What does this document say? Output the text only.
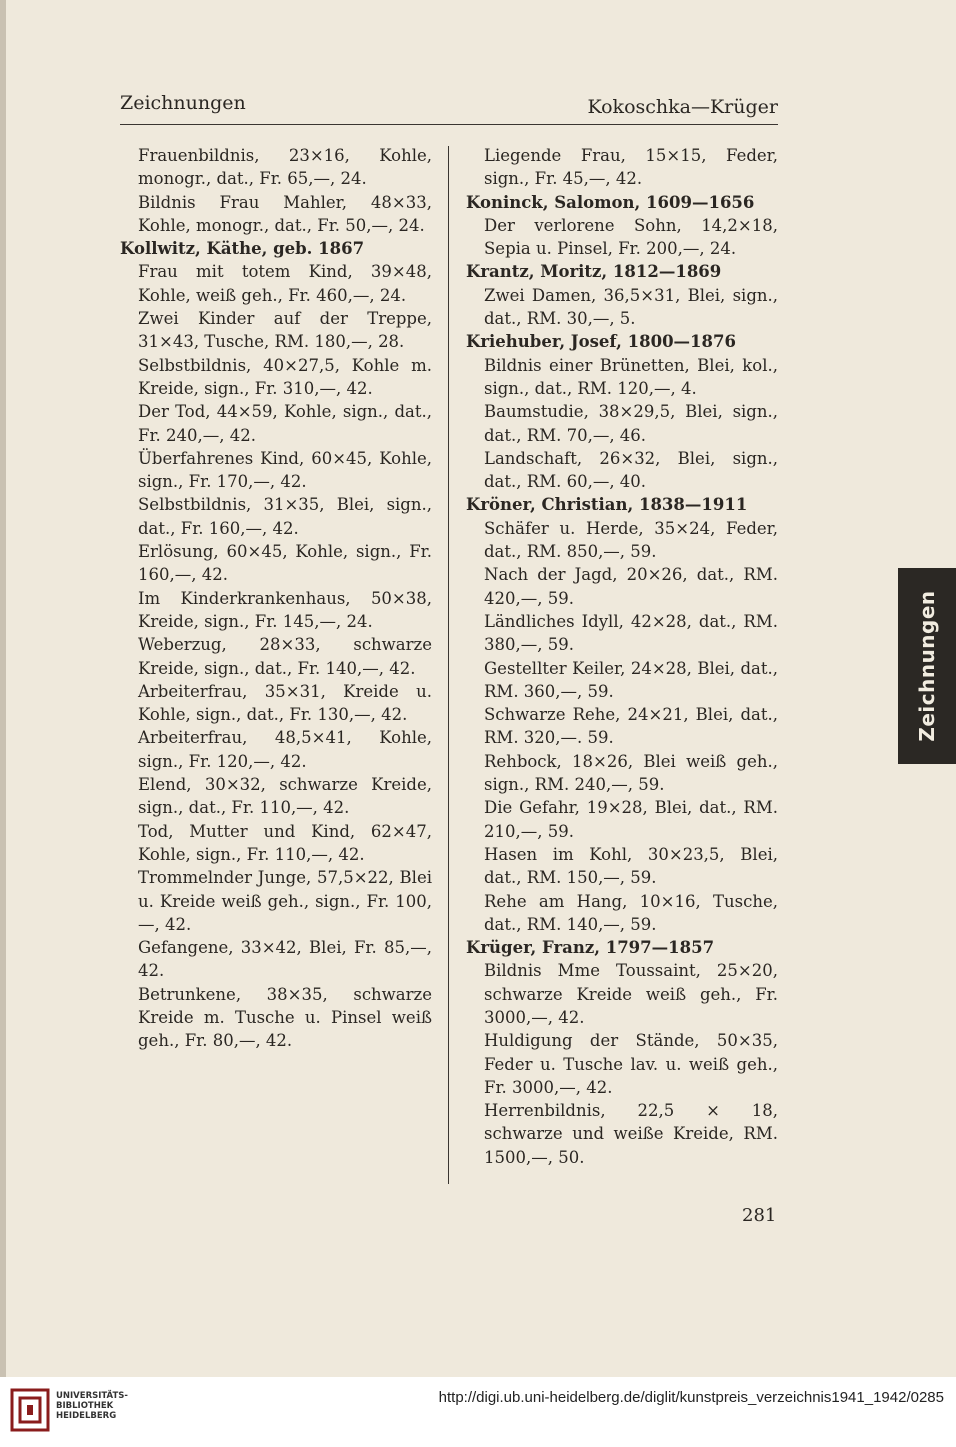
Zeichnungen	Kokoschka—Krüger

Frauenbildnis, 23×16, Kohle, monogr., dat., Fr. 65,—, 24.

Bildnis Frau Mahler, 48×33, Kohle, monogr., dat., Fr. 50,—, 24.

Kollwitz, Käthe, geb. 1867

Frau mit totem Kind, 39×48, Kohle, weiß geh., Fr. 460,—, 24.

Zwei Kinder auf der Treppe, 31×43, Tusche, RM. 180,—, 28.

Selbstbildnis, 40×27,5, Kohle m. Kreide, sign., Fr. 310,—, 42.

Der Tod, 44×59, Kohle, sign., dat., Fr. 240,—, 42.

Überfahrenes Kind, 60×45, Kohle, sign., Fr. 170,—, 42.

Selbstbildnis, 31×35, Blei, sign., dat., Fr. 160,—, 42.

Erlösung, 60×45, Kohle, sign., Fr. 160,—, 42.

Im Kinderkrankenhaus, 50×38, Kreide, sign., Fr. 145,—, 24.

Weberzug, 28×33, schwarze Kreide, sign., dat., Fr. 140,—, 42.

Arbeiterfrau, 35×31, Kreide u. Kohle, sign., dat., Fr. 130,—, 42.

Arbeiterfrau, 48,5×41, Kohle, sign., Fr. 120,—, 42.

Elend, 30×32, schwarze Kreide, sign., dat., Fr. 110,—, 42.

Tod, Mutter und Kind, 62×47, Kohle, sign., Fr. 110,—, 42.

Trommelnder Junge, 57,5×22, Blei u. Kreide weiß geh., sign., Fr. 100,—, 42.

Gefangene, 33×42, Blei, Fr. 85,—, 42.

Betrunkene, 38×35, schwarze Kreide m. Tusche u. Pinsel weiß geh., Fr. 80,—, 42.

Liegende Frau, 15×15, Feder, sign., Fr. 45,—, 42.

Koninck, Salomon, 1609—1656

Der verlorene Sohn, 14,2×18, Sepia u. Pinsel, Fr. 200,—, 24.

Krantz, Moritz, 1812—1869

Zwei Damen, 36,5×31, Blei, sign., dat., RM. 30,—, 5.

Kriehuber, Josef, 1800—1876

Bildnis einer Brünetten, Blei, kol., sign., dat., RM. 120,—, 4.

Baumstudie, 38×29,5, Blei, sign., dat., RM. 70,—, 46.

Landschaft, 26×32, Blei, sign., dat., RM. 60,—, 40.

Kröner, Christian, 1838—1911

Schäfer u. Herde, 35×24, Feder, dat., RM. 850,—, 59.

Nach der Jagd, 20×26, dat., RM. 420,—, 59.

Ländliches Idyll, 42×28, dat., RM. 380,—, 59.

Gestellter Keiler, 24×28, Blei, dat., RM. 360,—, 59.

Schwarze Rehe, 24×21, Blei, dat., RM. 320,—. 59.

Rehbock, 18×26, Blei weiß geh., sign., RM. 240,—, 59.

Die Gefahr, 19×28, Blei, dat., RM. 210,—, 59.

Hasen im Kohl, 30×23,5, Blei, dat., RM. 150,—, 59.

Rehe am Hang, 10×16, Tusche, dat., RM. 140,—, 59.

Krüger, Franz, 1797—1857

Bildnis Mme Toussaint, 25×20, schwarze Kreide weiß geh., Fr. 3000,—, 42.

Huldigung der Stände, 50×35, Feder u. Tusche lav. u. weiß geh., Fr. 3000,—, 42.

Herrenbildnis, 22,5 × 18, schwarze und weiße Kreide, RM. 1500,—, 50.

281
Zeichnungen
UNIVERSITÄTS-
BIBLIOTHEK
HEIDELBERG
http://digi.ub.uni-heidelberg.de/diglit/kunstpreis_verzeichnis1941_1942/0285
